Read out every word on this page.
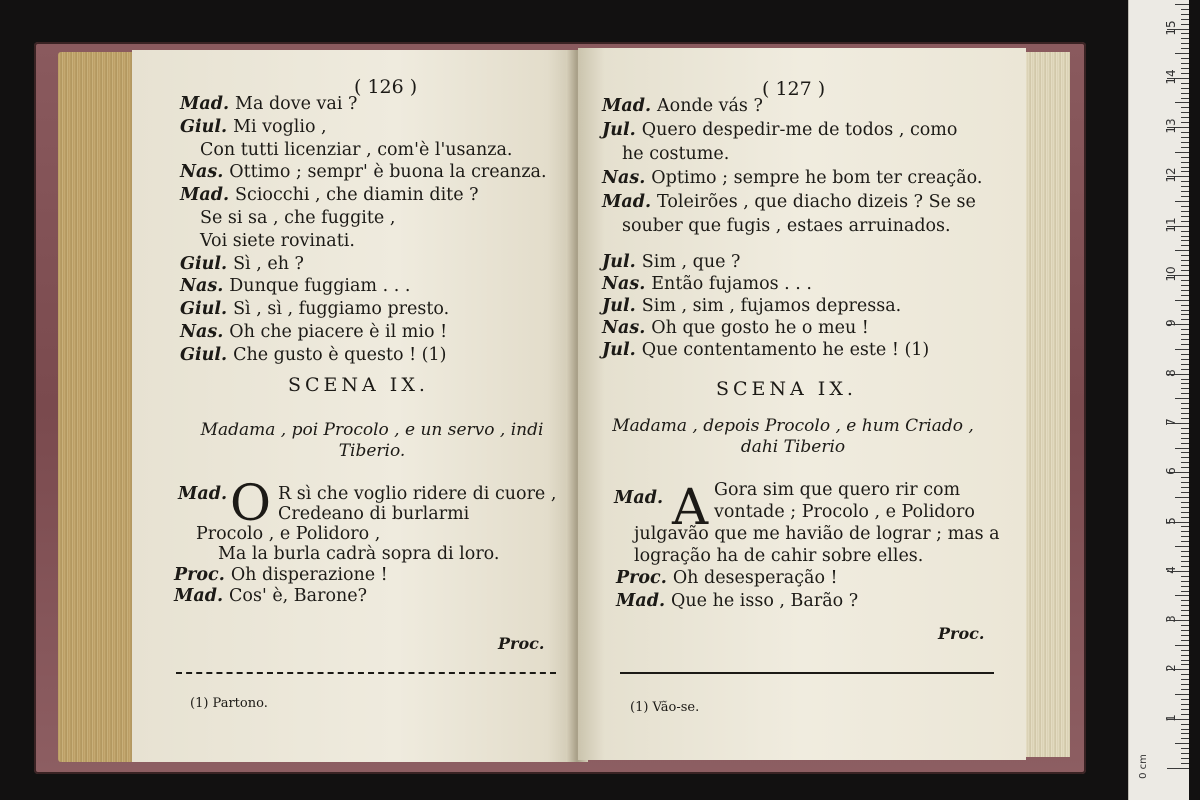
( 126 )
Mad. Ma dove vai ?
Giul. Mi voglio ,
Con tutti licenziar , com'è l'usanza.
Nas. Ottimo ; sempr' è buona la creanza.
Mad. Sciocchi , che diamin dite ?
Se si sa , che fuggite ,
Voi siete rovinati.
Giul. Sì , eh ?
Nas. Dunque fuggiam . . .
Giul. Sì , sì , fuggiamo presto.
Nas. Oh che piacere è il mio !
Giul. Che gusto è questo ! (1)
SCENA IX.
Madama , poi Procolo , e un servo , indi
Tiberio.
Mad. O R sì che voglio ridere di cuore ,
Credeano di burlarmi
Procolo , e Polidoro ,
Ma la burla cadrà sopra di loro.
Proc. Oh disperazione !
Mad. Cos' è, Barone?
Proc.
(1) Partono.
( 127 )
Mad. Aonde vás ?
Jul. Quero despedir-me de todos , como
he costume.
Nas. Optimo ; sempre he bom ter creação.
Mad. Toleirões , que diacho dizeis ? Se se
souber que fugis , estaes arruinados.
Jul. Sim , que ?
Nas. Então fujamos . . .
Jul. Sim , sim , fujamos depressa.
Nas. Oh que gosto he o meu !
Jul. Que contentamento he este ! (1)
SCENA IX.
Madama , depois Procolo , e hum Criado ,
dahi Tiberio
Mad. A Gora sim que quero rir com
vontade ; Procolo , e Polidoro
julgavão que me havião de lograr ; mas a
logração ha de cahir sobre elles.
Proc. Oh desesperação !
Mad. Que he isso , Barão ?
Proc.
(1) Vão-se.
1
2
3
4
5
6
7
8
9
10
11
12
13
14
15
0 cm
